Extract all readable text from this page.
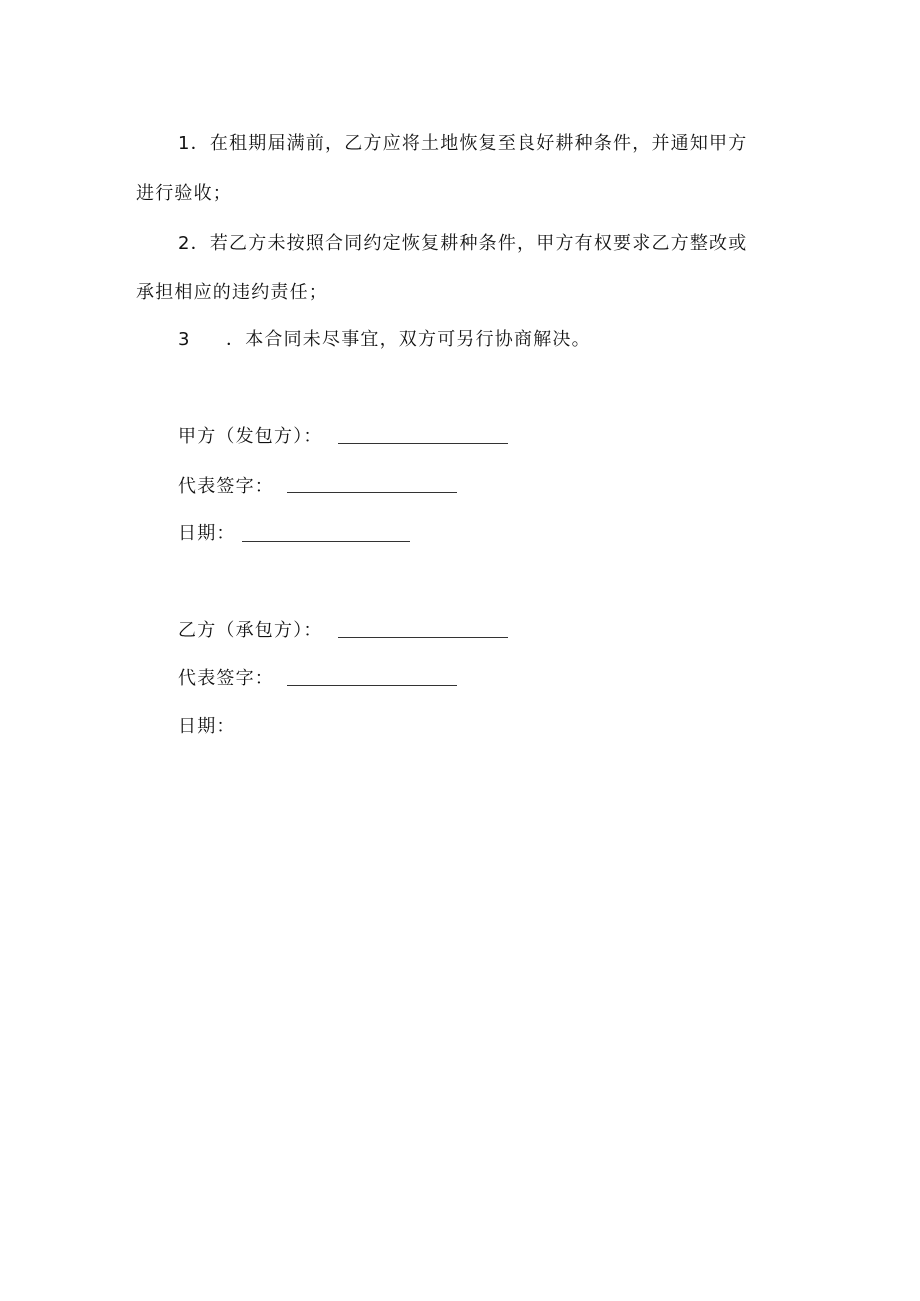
1．在租期届满前，乙方应将土地恢复至良好耕种条件，并通知甲方
进行验收；
2．若乙方未按照合同约定恢复耕种条件，甲方有权要求乙方整改或
承担相应的违约责任；
3 ．本合同未尽事宜，双方可另行协商解决。
甲方（发包方）：
代表签字：
日期：
乙方（承包方）：
代表签字：
日期：
